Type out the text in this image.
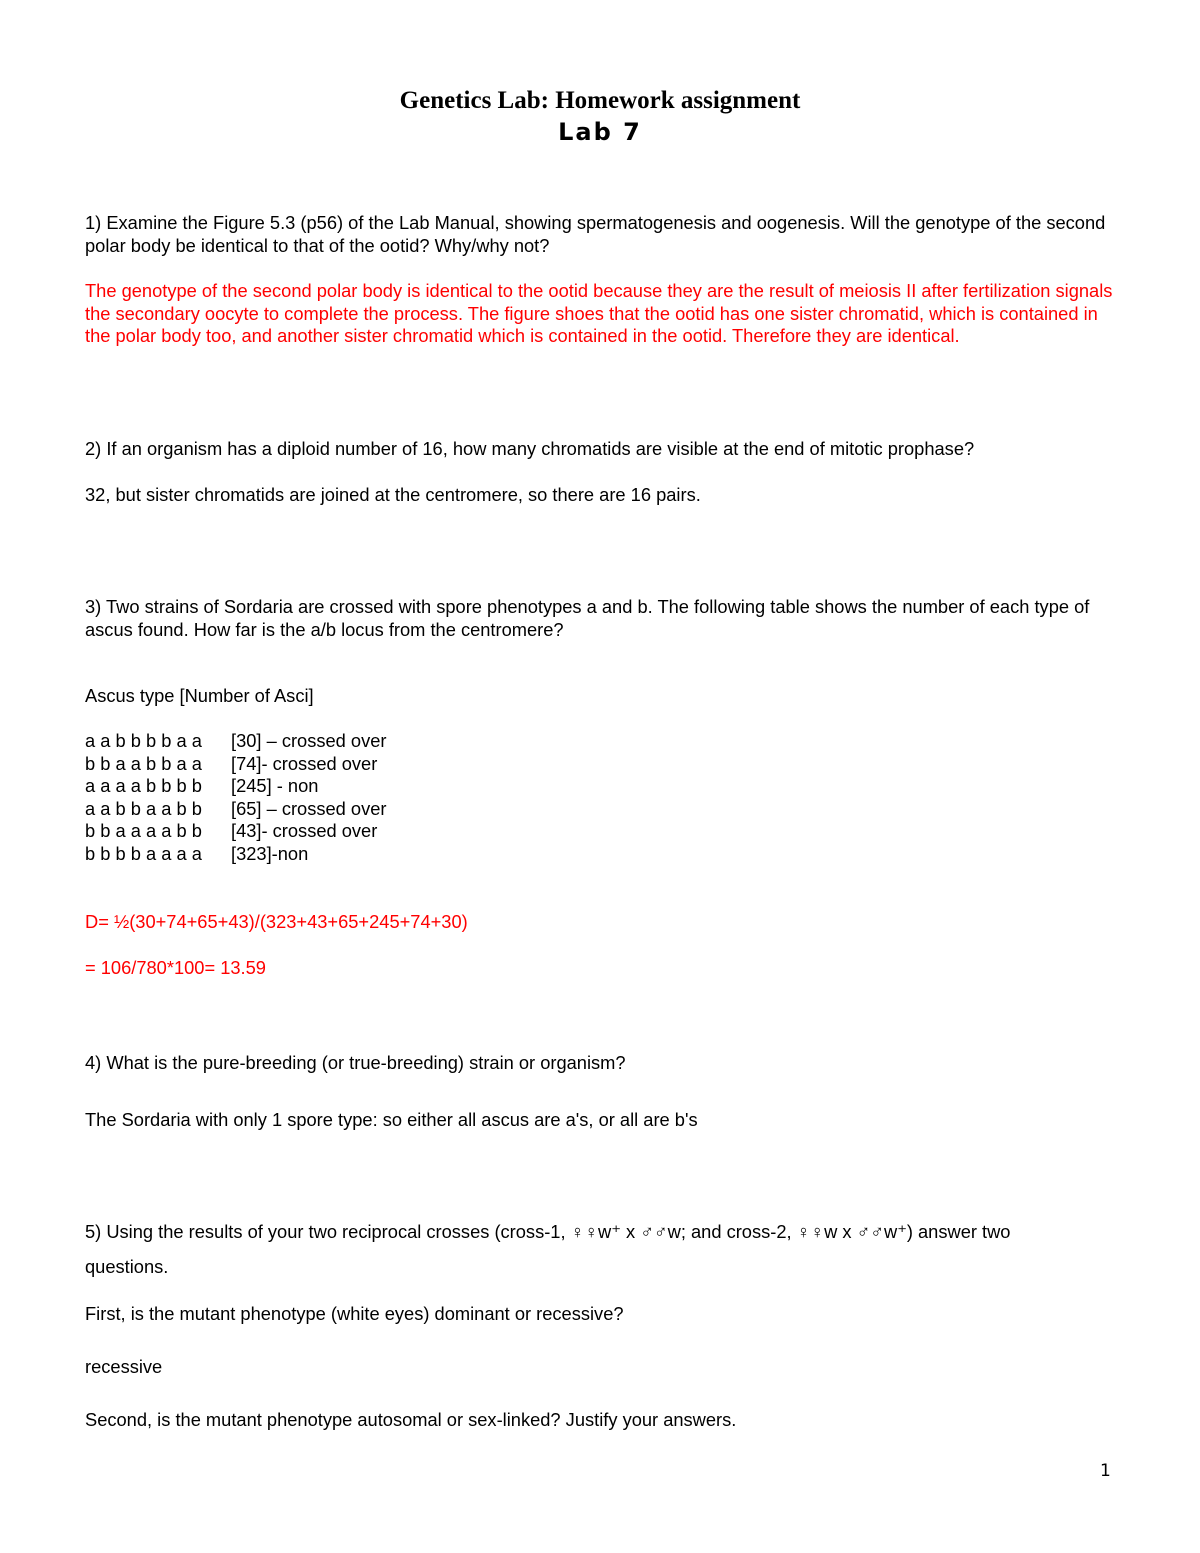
Genetics Lab: Homework assignment
Lab 7
1) Examine the Figure 5.3 (p56) of the Lab Manual, showing spermatogenesis and oogenesis. Will the genotype of the second polar body be identical to that of the ootid? Why/why not?
The genotype of the second polar body is identical to the ootid because they are the result of meiosis II after fertilization signals the secondary oocyte to complete the process. The figure shoes that the ootid has one sister chromatid, which is contained in the polar body too, and another sister chromatid which is contained in the ootid. Therefore they are identical.
2) If an organism has a diploid number of 16, how many chromatids are visible at the end of mitotic prophase?
32, but sister chromatids are joined at the centromere, so there are 16 pairs.
3) Two strains of Sordaria are crossed with spore phenotypes a and b. The following table shows the number of each type of ascus found. How far is the a/b locus from the centromere?
Ascus type [Number of Asci]
a a b b b b a a	[30] – crossed over
b b a a b b a a	[74]- crossed over
a a a a b b b b	[245] - non
a a b b a a b b	[65] – crossed over
b b a a a a b b	[43]- crossed over
b b b b a a a a	[323]-non
D= ½(30+74+65+43)/(323+43+65+245+74+30)
= 106/780*100= 13.59
4) What is the pure-breeding (or true-breeding) strain or organism?
The Sordaria with only 1 spore type: so either all ascus are a's, or all are b's
5) Using the results of your two reciprocal crosses (cross-1, ♀♀w⁺ x ♂♂w; and cross-2, ♀♀w x ♂♂w⁺) answer two questions.
First, is the mutant phenotype (white eyes) dominant or recessive?
recessive
Second, is the mutant phenotype autosomal or sex-linked? Justify your answers.
1
